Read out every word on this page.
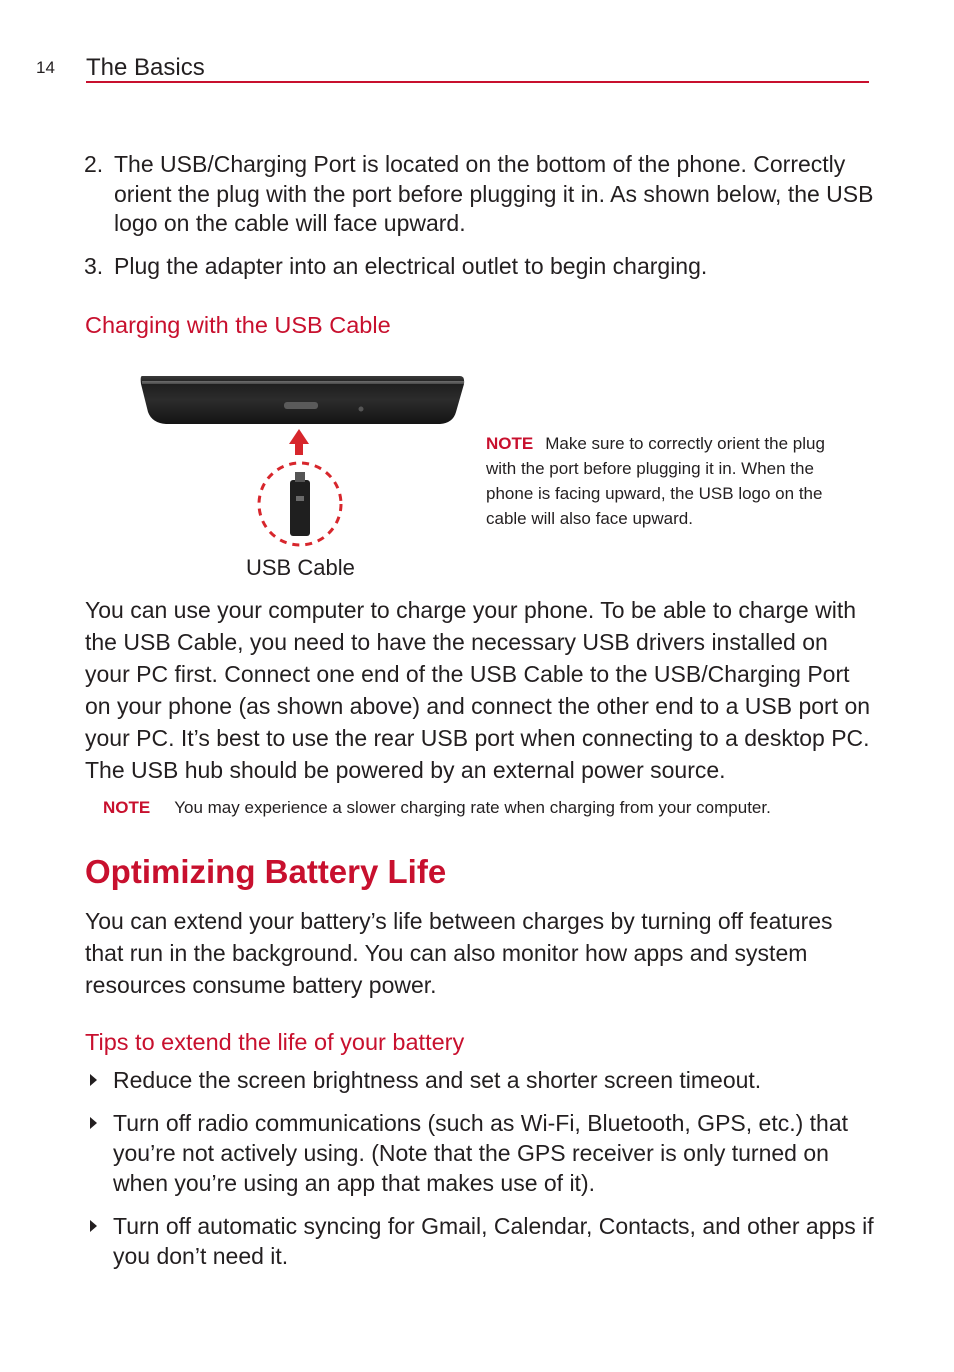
14 The Basics
2. The USB/Charging Port is located on the bottom of the phone. Correctly orient the plug with the port before plugging it in. As shown below, the USB logo on the cable will face upward.
3. Plug the adapter into an electrical outlet to begin charging.
Charging with the USB Cable
USB Cable
NOTE Make sure to correctly orient the plug with the port before plugging it in. When the phone is facing upward, the USB logo on the cable will also face upward.
You can use your computer to charge your phone. To be able to charge with the USB Cable, you need to have the necessary USB drivers installed on your PC first. Connect one end of the USB Cable to the USB/Charging Port on your phone (as shown above) and connect the other end to a USB port on your PC. It’s best to use the rear USB port when connecting to a desktop PC. The USB hub should be powered by an external power source.
NOTE You may experience a slower charging rate when charging from your computer.
Optimizing Battery Life
You can extend your battery’s life between charges by turning off features that run in the background. You can also monitor how apps and system resources consume battery power.
Tips to extend the life of your battery
Reduce the screen brightness and set a shorter screen timeout.
Turn off radio communications (such as Wi-Fi, Bluetooth, GPS, etc.) that you’re not actively using. (Note that the GPS receiver is only turned on when you’re using an app that makes use of it).
Turn off automatic syncing for Gmail, Calendar, Contacts, and other apps if you don’t need it.
